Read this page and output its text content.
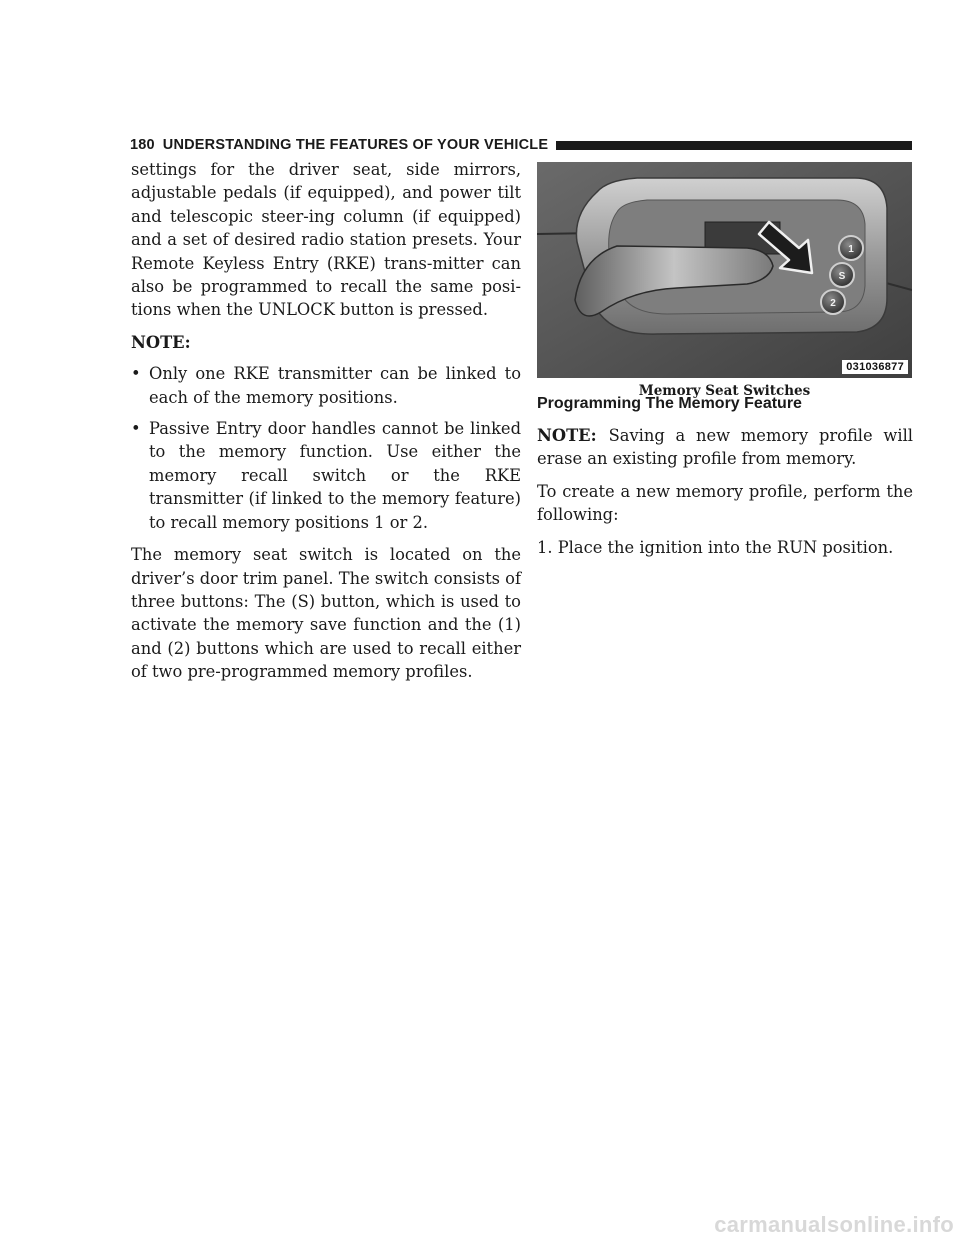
180 UNDERSTANDING THE FEATURES OF YOUR VEHICLE

settings for the driver seat, side mirrors, adjustable pedals (if equipped), and power tilt and telescopic steer-ing column (if equipped) and a set of desired radio station presets. Your Remote Keyless Entry (RKE) trans-mitter can also be programmed to recall the same posi-tions when the UNLOCK button is pressed.

NOTE:

• Only one RKE transmitter can be linked to each of the memory positions.
• Passive Entry door handles cannot be linked to the memory function. Use either the memory recall switch or the RKE transmitter (if linked to the memory feature) to recall memory positions 1 or 2.

The memory seat switch is located on the driver’s door trim panel. The switch consists of three buttons: The (S) button, which is used to activate the memory save function and the (1) and (2) buttons which are used to recall either of two pre-programmed memory profiles.

1
S
2
031036877
Memory Seat Switches

Programming The Memory Feature

NOTE: Saving a new memory profile will erase an existing profile from memory.

To create a new memory profile, perform the following:

1. Place the ignition into the RUN position.

carmanualsonline.info
